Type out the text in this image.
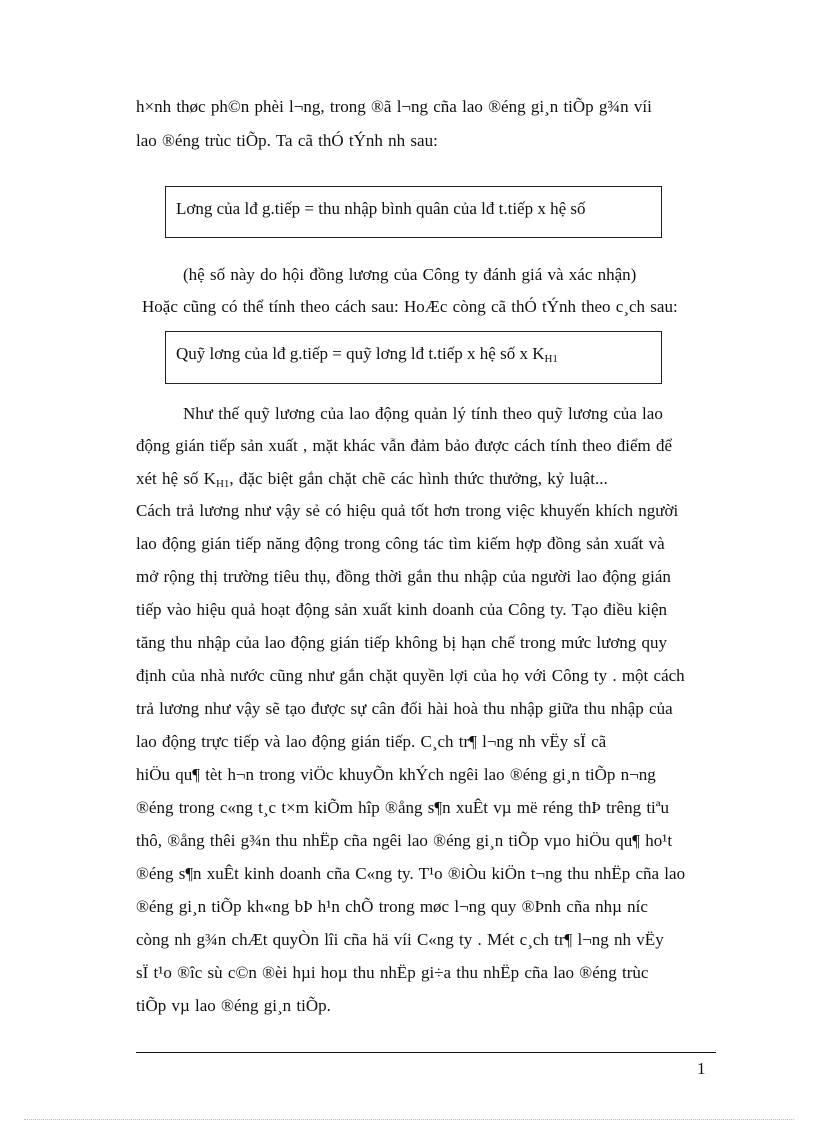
h×nh thøc ph©n phèi l¬ng, trong ®ã l¬ng cña lao ®éng gi¸n tiÕp g¾n víi
lao ®éng trùc tiÕp. Ta cã thÓ tÝnh nh sau:
Lơng của lđ g.tiếp = thu nhập bình quân của lđ t.tiếp x hệ số
(hệ số này do hội đồng lương của Công ty đánh giá và xác nhận)
Hoặc cũng có thể tính theo cách sau: HoÆc còng cã thÓ tÝnh theo c¸ch sau:
Quỹ lơng của lđ g.tiếp = quỹ lơng lđ t.tiếp x hệ số x $K_{H1}$
Như thế quỹ lương của lao động quản lý tính theo quỹ lương của lao
động gián tiếp sản xuất , mặt khác vẫn đảm bảo được cách tính theo điểm để
xét hệ số $K_{H1}$, đặc biệt gắn chặt chẽ các hình thức thưởng, kỷ luật...
Cách trả lương như vậy sẻ có hiệu quả tốt hơn trong việc khuyến khích người
lao động gián tiếp năng động trong công tác tìm kiếm hợp đồng sản xuất và
mở rộng thị trường tiêu thụ, đồng thời gắn thu nhập của người lao động gián
tiếp vào hiệu quả hoạt động sản xuất kinh doanh của Công ty. Tạo điều kiện
tăng thu nhập của lao động gián tiếp không bị hạn chế trong mức lương quy
định của nhà nước cũng như gắn chặt quyền lợi của họ với Công ty . một cách
trả lương như vậy sẽ tạo được sự cân đối hài hoà thu nhập giữa thu nhập của
lao động trực tiếp và lao động gián tiếp. C¸ch tr¶ l¬ng nh vËy sÏ cã
hiÖu qu¶ tèt h¬n trong viÖc khuyÕn khÝch ngêi lao ®éng gi¸n tiÕp n¬ng
®éng trong c«ng t¸c t×m kiÕm hîp ®ång s¶n xuÊt vµ më réng thÞ trêng tiªu
thô, ®ång thêi g¾n thu nhËp cña ngêi lao ®éng gi¸n tiÕp vµo hiÖu qu¶ ho¹t
®éng s¶n xuÊt kinh doanh cña C«ng ty. T¹o ®iÒu kiÖn t¬ng thu nhËp cña lao
®éng gi¸n tiÕp kh«ng bÞ h¹n chÕ trong møc l¬ng quy ®Þnh cña nhµ níc
còng nh g¾n chÆt quyÒn lîi cña hä víi C«ng ty . Mét c¸ch tr¶ l¬ng nh vËy
sÏ t¹o ®îc sù c©n ®èi hµi hoµ thu nhËp gi÷a thu nhËp cña lao ®éng trùc
tiÕp vµ lao ®éng gi¸n tiÕp.
1
